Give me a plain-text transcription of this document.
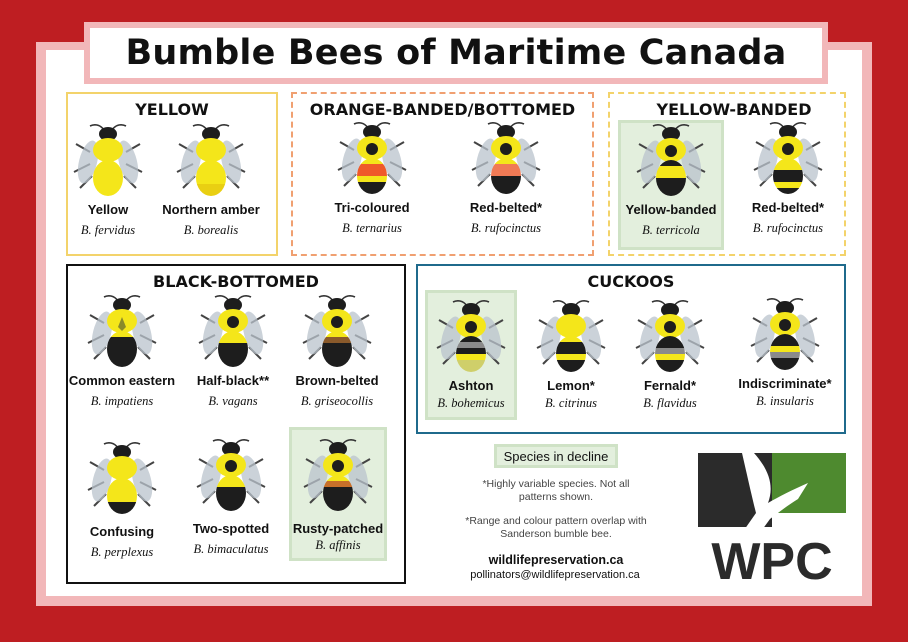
Bumble Bees of Maritime Canada
YELLOW	ORANGE-BANDED/BOTTOMED	YELLOW-BANDED
BLACK-BOTTOMED	CUCKOOS
Yellow
B. fervidus
Northern amber
B. borealis
Tri-coloured
B. ternarius
Red-belted*
B. rufocinctus
Yellow-banded
B. terricola
Red-belted*
B. rufocinctus
Common eastern
B. impatiens
Half-black**
B. vagans
Brown-belted
B. griseocollis
Confusing
B. perplexus
Two-spotted
B. bimaculatus
Rusty-patched
B. affinis
Ashton
B. bohemicus
Lemon*
B. citrinus
Fernald*
B. flavidus
Indiscriminate*
B. insularis
Species in decline
*Highly variable species. Not all patterns shown.
*Range and colour pattern overlap with Sanderson bumble bee.
wildlifepreservation.ca
pollinators@wildlifepreservation.ca WPC
